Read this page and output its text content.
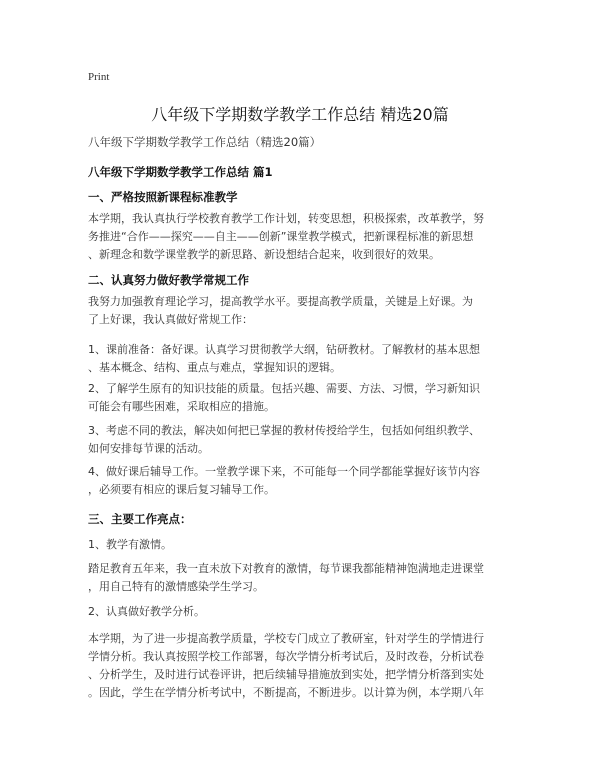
Print
八年级下学期数学教学工作总结 精选20篇
八年级下学期数学教学工作总结（精选20篇）
八年级下学期数学教学工作总结 篇1
一、严格按照新课程标准教学
本学期，我认真执行学校教育教学工作计划，转变思想，积极探索，改革教学，努
务推进“合作——探究——自主——创新”课堂教学模式，把新课程标准的新思想
、新理念和数学课堂教学的新思路、新设想结合起来，收到很好的效果。
二、认真努力做好教学常规工作
我努力加强教育理论学习，提高教学水平。要提高教学质量，关键是上好课。为
了上好课，我认真做好常规工作：
1、课前准备：备好课。认真学习贯彻教学大纲，钻研教材。了解教材的基本思想
、基本概念、结构、重点与难点，掌握知识的逻辑。
2、了解学生原有的知识技能的质量。包括兴趣、需要、方法、习惯，学习新知识
可能会有哪些困难，采取相应的措施。
3、考虑不同的教法，解决如何把已掌握的教材传授给学生，包括如何组织教学、
如何安排每节课的活动。
4、做好课后辅导工作。一堂教学课下来，不可能每一个同学都能掌握好该节内容
，必须要有相应的课后复习辅导工作。
三、主要工作亮点：
1、教学有激情。
踏足教育五年来，我一直未放下对教育的激情，每节课我都能精神饱满地走进课堂
，用自己特有的激情感染学生学习。
2、认真做好教学分析。
本学期，为了进一步提高教学质量，学校专门成立了教研室，针对学生的学情进行
学情分析。我认真按照学校工作部署，每次学情分析考试后，及时改卷，分析试卷
、分析学生，及时进行试卷评讲，把后续辅导措施放到实处，把学情分析落到实处
。因此，学生在学情分析考试中，不断提高，不断进步。以计算为例，本学期八年
